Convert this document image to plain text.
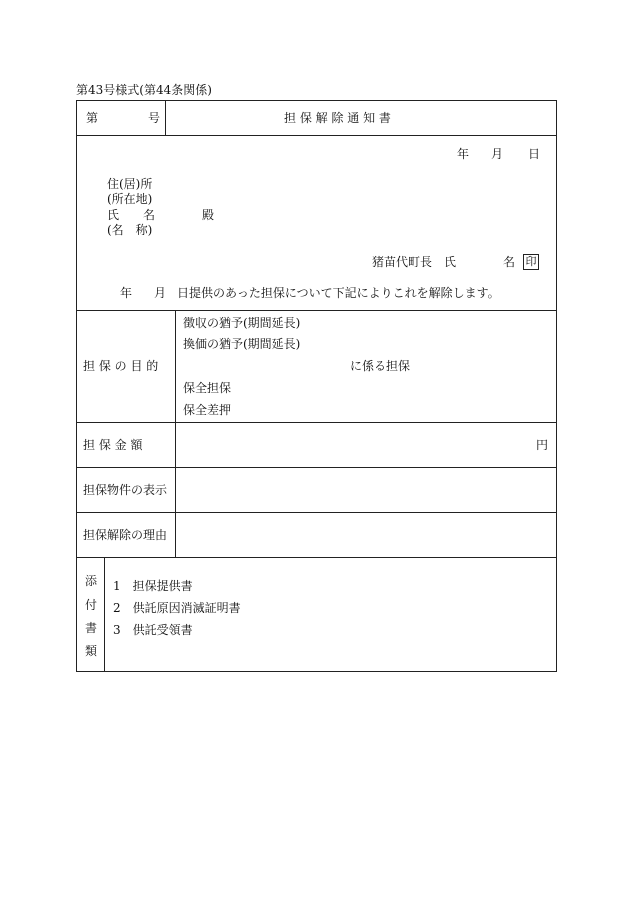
第43号様式(第44条関係)
第	号	担 保 解 除 通 知 書
年 月 日
住(居)所
(所在地)
氏　　名	殿
(名　称)
猪苗代町長 氏	名 印
年 月 日提供のあった担保について下記によりこれを解除します。
担 保 の 目 的
徴収の猶予(期間延長)
換価の猶予(期間延長)
に係る担保
保全担保
保全差押
担 保 金 額	円
担保物件の表示
担保解除の理由
添
付
書
類
1　担保提供書
2　供託原因消滅証明書
3　供託受領書
